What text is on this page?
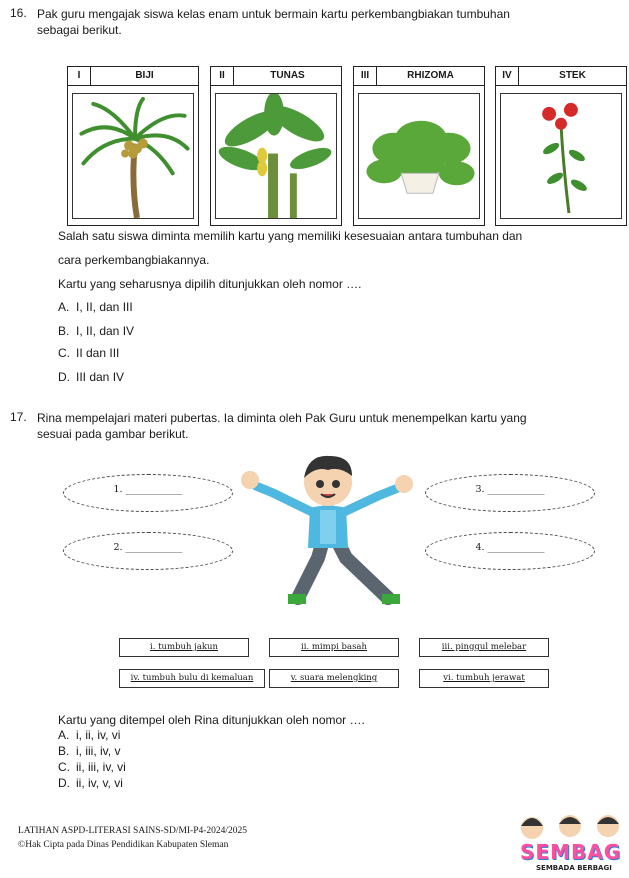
16. Pak guru mengajak siswa kelas enam untuk bermain kartu perkembangbiakan tumbuhan
sebagai berikut.
I	BIJI	II	TUNAS	III	RHIZOMA	IV	STEK
Salah satu siswa diminta memilih kartu yang memiliki kesesuaian antara tumbuhan dan
cara perkembangbiakannya.
Kartu yang seharusnya dipilih ditunjukkan oleh nomor ….
A. I, II, dan III
B. I, II, dan IV
C. II dan III
D. III dan IV
17. Rina mempelajari materi pubertas. Ia diminta oleh Pak Guru untuk menempelkan kartu yang
sesuai pada gambar berikut.
1. ____________
2. ____________
3. ____________
4. ____________
i. tumbuh jakun	ii. mimpi basah	iii. pinggul melebar
iv. tumbuh bulu di kemaluan	v. suara melengking	vi. tumbuh jerawat
Kartu yang ditempel oleh Rina ditunjukkan oleh nomor ….
A. i, ii, iv, vi
B. i, iii, iv, v
C. ii, iii, iv, vi
D. ii, iv, v, vi
LATIHAN ASPD-LITERASI SAINS-SD/MI-P4-2024/2025
©Hak Cipta pada Dinas Pendidikan Kabupaten Sleman	SEMBAG
SEMBADA BERBAGI
